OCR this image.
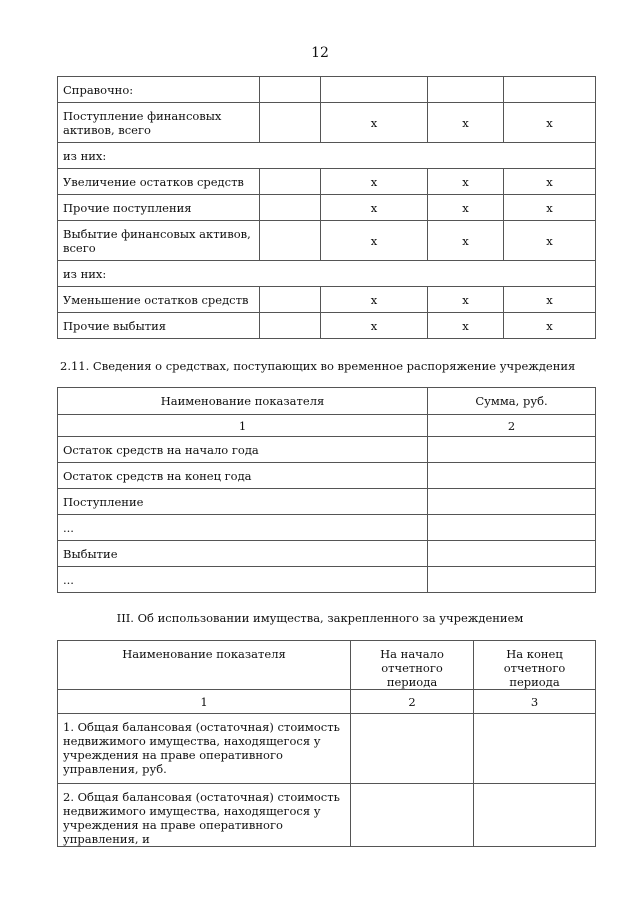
12
Справочно:				
Поступление финансовых активов, всего		x	x	x
из них:				
Увеличение остатков средств		x	x	x
Прочие поступления		x	x	x
Выбытие финансовых активов, всего		x	x	x
из них:				
Уменьшение остатков средств		x	x	x
Прочие выбытия		x	x	x
2.11. Сведения о средствах, поступающих во временное распоряжение учреждения
Наименование показателя	Сумма, руб.
1	2
Остаток средств на начало года	
Остаток средств на конец года	
Поступление	
...	
Выбытие	
...	
III. Об использовании имущества, закрепленного за учреждением
Наименование показателя	На начало отчетного периода	На конец отчетного периода
1	2	3
1. Общая балансовая (остаточная) стоимость недвижимого имущества, находящегося у учреждения на праве оперативного управления, руб.		
2. Общая балансовая (остаточная) стоимость недвижимого имущества, находящегося у учреждения на праве оперативного управления, и		
